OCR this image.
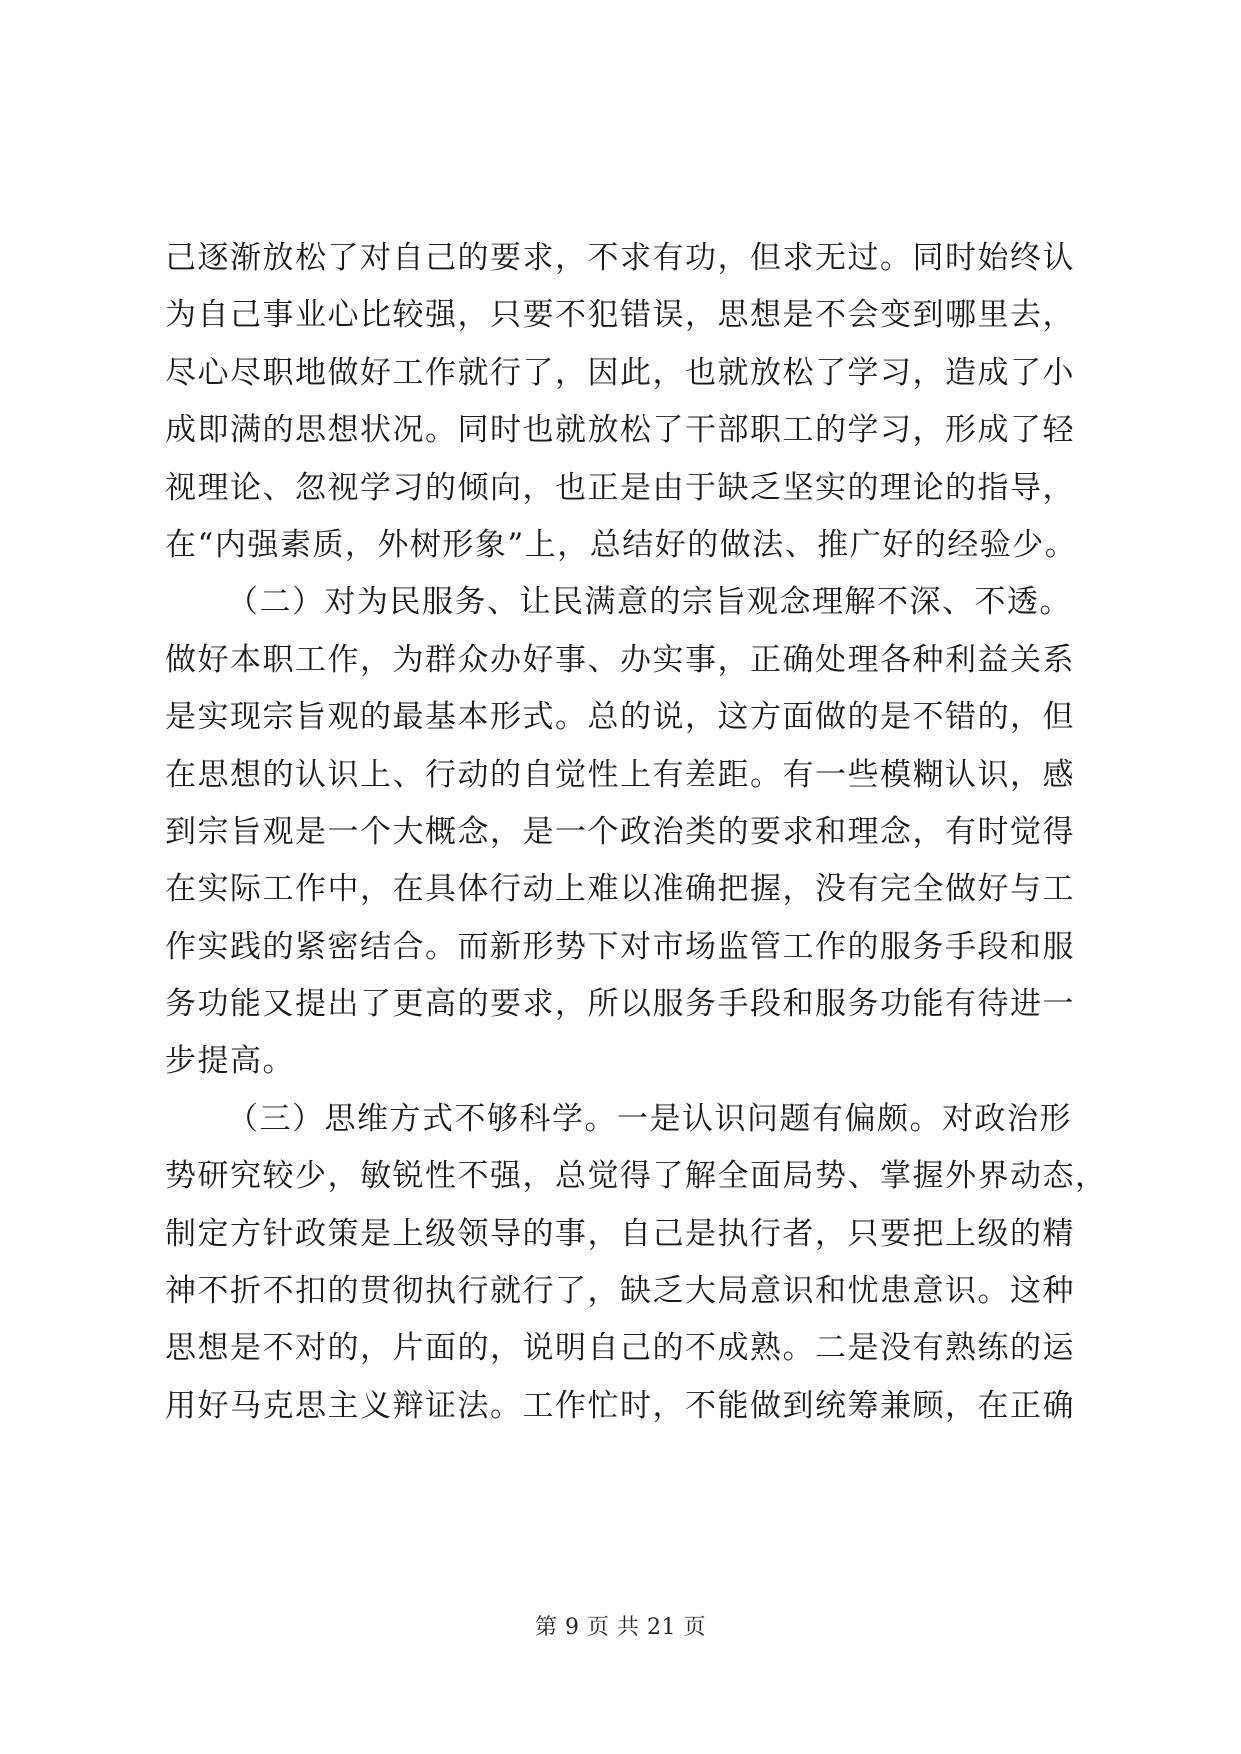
己逐渐放松了对自己的要求，不求有功，但求无过。同时始终认
为自己事业心比较强，只要不犯错误，思想是不会变到哪里去，
尽心尽职地做好工作就行了，因此，也就放松了学习，造成了小
成即满的思想状况。同时也就放松了干部职工的学习，形成了轻
视理论、忽视学习的倾向，也正是由于缺乏坚实的理论的指导，
在“内强素质，外树形象”上，总结好的做法、推广好的经验少。
（二）对为民服务、让民满意的宗旨观念理解不深、不透。
做好本职工作，为群众办好事、办实事，正确处理各种利益关系
是实现宗旨观的最基本形式。总的说，这方面做的是不错的，但
在思想的认识上、行动的自觉性上有差距。有一些模糊认识，感
到宗旨观是一个大概念，是一个政治类的要求和理念，有时觉得
在实际工作中，在具体行动上难以准确把握，没有完全做好与工
作实践的紧密结合。而新形势下对市场监管工作的服务手段和服
务功能又提出了更高的要求，所以服务手段和服务功能有待进一
步提高。
（三）思维方式不够科学。一是认识问题有偏颇。对政治形
势研究较少，敏锐性不强，总觉得了解全面局势、掌握外界动态，
制定方针政策是上级领导的事，自己是执行者，只要把上级的精
神不折不扣的贯彻执行就行了，缺乏大局意识和忧患意识。这种
思想是不对的，片面的，说明自己的不成熟。二是没有熟练的运
用好马克思主义辩证法。工作忙时，不能做到统筹兼顾，在正确
第 9 页 共 21 页
